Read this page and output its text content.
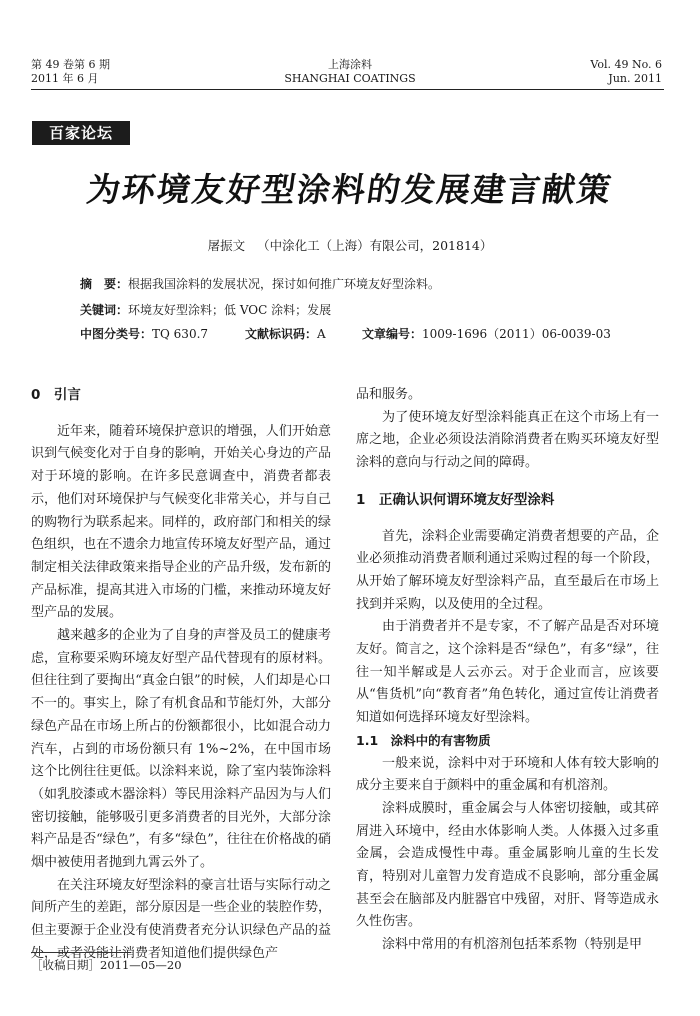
第 49 卷第 6 期
2011 年 6 月
上海涂料
SHANGHAI COATINGS
Vol. 49 No. 6
Jun. 2011
百家论坛
为环境友好型涂料的发展建言献策
屠振文 （中涂化工（上海）有限公司，201814）
摘　要：根据我国涂料的发展状况，探讨如何推广环境友好型涂料。
关键词：环境友好型涂料；低 VOC 涂料；发展
中图分类号：TQ 630.7	文献标识码：A	文章编号：1009-1696（2011）06-0039-03
0　引言

近年来，随着环境保护意识的增强，人们开始意识到气候变化对于自身的影响，开始关心身边的产品对于环境的影响。在许多民意调查中，消费者都表示，他们对环境保护与气候变化非常关心，并与自己的购物行为联系起来。同样的，政府部门和相关的绿色组织，也在不遗余力地宣传环境友好型产品，通过制定相关法律政策来指导企业的产品升级，发布新的产品标准，提高其进入市场的门槛，来推动环境友好型产品的发展。

越来越多的企业为了自身的声誉及员工的健康考虑，宣称要采购环境友好型产品代替现有的原材料。但往往到了要掏出“真金白银”的时候，人们却是心口不一的。事实上，除了有机食品和节能灯外，大部分绿色产品在市场上所占的份额都很小，比如混合动力汽车，占到的市场份额只有 1%~2%，在中国市场这个比例往往更低。以涂料来说，除了室内装饰涂料（如乳胶漆或木器涂料）等民用涂料产品因为与人们密切接触，能够吸引更多消费者的目光外，大部分涂料产品是否“绿色”，有多“绿色”，往往在价格战的硝烟中被使用者抛到九霄云外了。

在关注环境友好型涂料的豪言壮语与实际行动之间所产生的差距，部分原因是一些企业的装腔作势，但主要源于企业没有使消费者充分认识绿色产品的益处，或者没能让消费者知道他们提供绿色产

品和服务。

为了使环境友好型涂料能真正在这个市场上有一席之地，企业必须设法消除消费者在购买环境友好型涂料的意向与行动之间的障碍。

1　正确认识何谓环境友好型涂料

首先，涂料企业需要确定消费者想要的产品，企业必须推动消费者顺利通过采购过程的每一个阶段，从开始了解环境友好型涂料产品，直至最后在市场上找到并采购，以及使用的全过程。

由于消费者并不是专家，不了解产品是否对环境友好。简言之，这个涂料是否“绿色”，有多“绿”，往往一知半解或是人云亦云。对于企业而言，应该要从“售货机”向“教育者”角色转化，通过宣传让消费者知道如何选择环境友好型涂料。

1.1　涂料中的有害物质

一般来说，涂料中对于环境和人体有较大影响的成分主要来自于颜料中的重金属和有机溶剂。

涂料成膜时，重金属会与人体密切接触，或其碎屑进入环境中，经由水体影响人类。人体摄入过多重金属，会造成慢性中毒。重金属影响儿童的生长发育，特别对儿童智力发育造成不良影响，部分重金属甚至会在脑部及内脏器官中残留，对肝、肾等造成永久性伤害。

涂料中常用的有机溶剂包括苯系物（特别是甲

［收稿日期］2011—05—20
